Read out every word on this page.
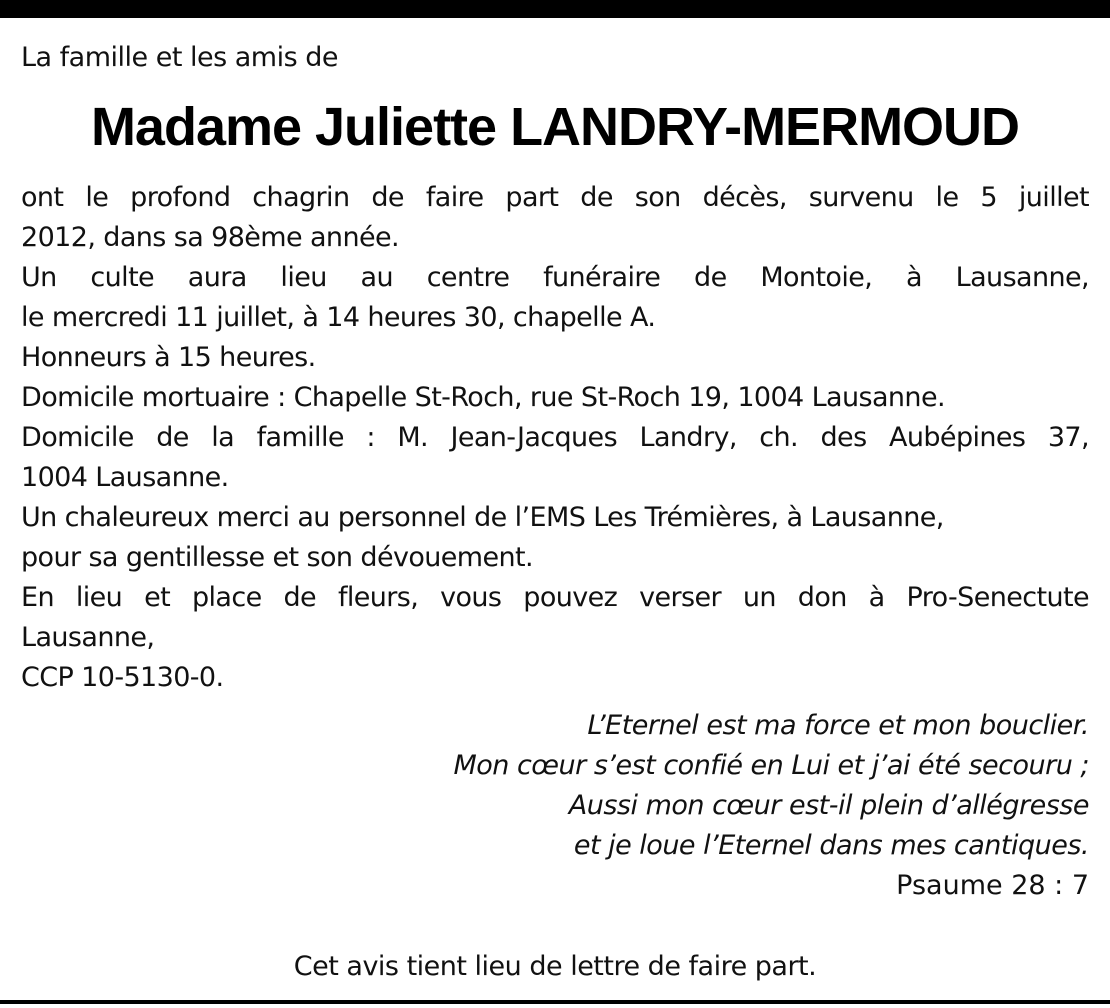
La famille et les amis de
Madame Juliette LANDRY-MERMOUD
ont le profond chagrin de faire part de son décès, survenu le 5 juillet
2012, dans sa 98ème année.
Un culte aura lieu au centre funéraire de Montoie, à Lausanne,
le mercredi 11 juillet, à 14 heures 30, chapelle A.
Honneurs à 15 heures.
Domicile mortuaire : Chapelle St-Roch, rue St-Roch 19, 1004 Lausanne.
Domicile de la famille : M. Jean-Jacques Landry, ch. des Aubépines 37,
1004 Lausanne.
Un chaleureux merci au personnel de l’EMS Les Trémières, à Lausanne,
pour sa gentillesse et son dévouement.
En lieu et place de fleurs, vous pouvez verser un don à Pro-Senectute
Lausanne,
CCP 10-5130-0.
L’Eternel est ma force et mon bouclier.
Mon cœur s’est confié en Lui et j’ai été secouru ;
Aussi mon cœur est-il plein d’allégresse
et je loue l’Eternel dans mes cantiques.
Psaume 28 : 7
Cet avis tient lieu de lettre de faire part.
